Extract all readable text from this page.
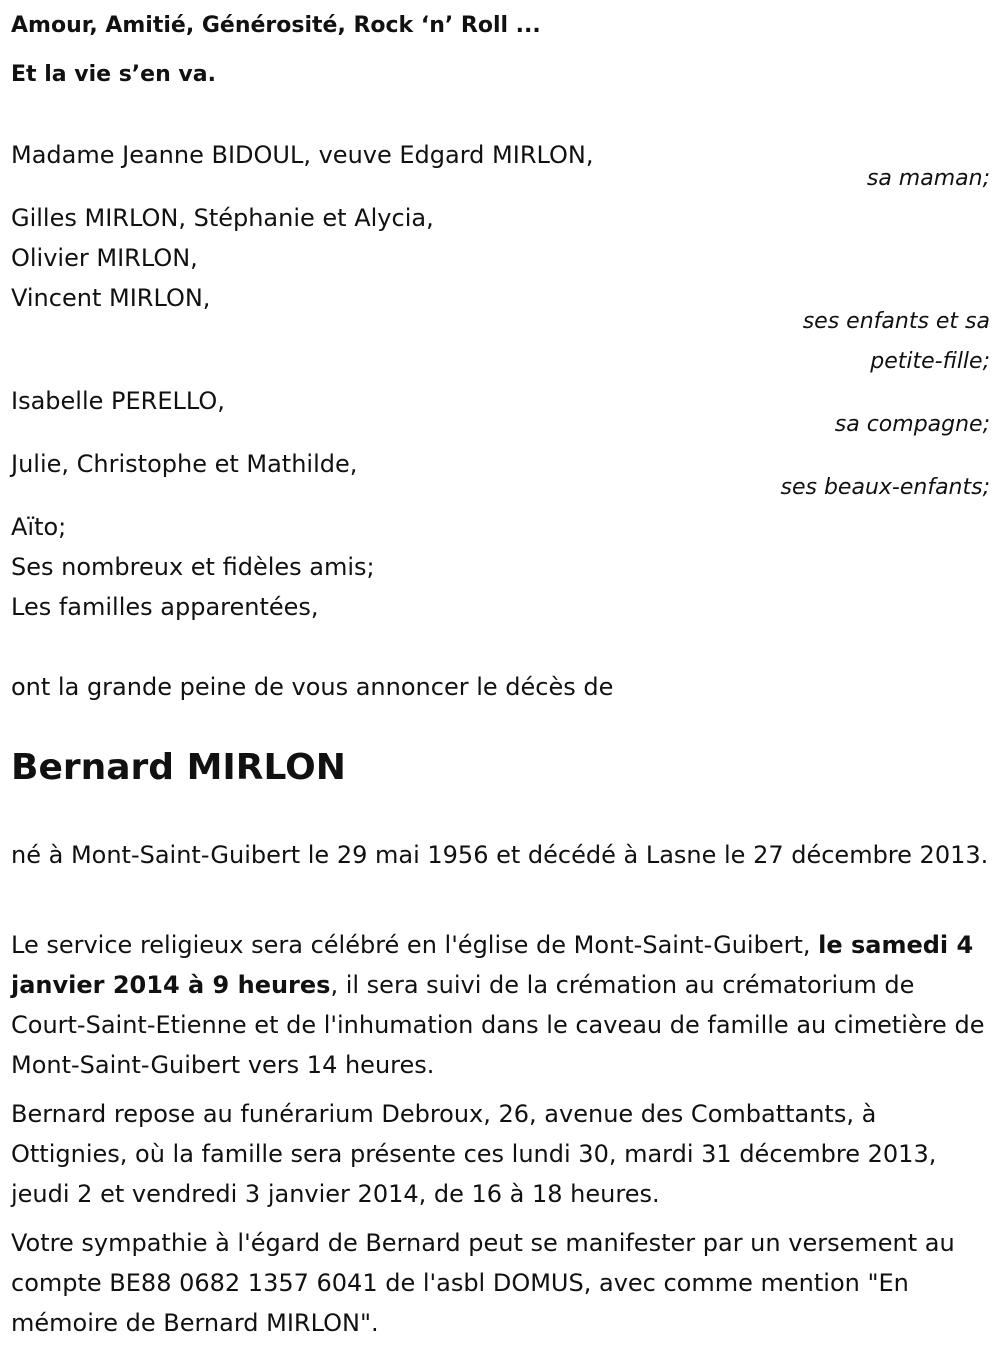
Amour, Amitié, Générosité, Rock ‘n’ Roll ...
Et la vie s’en va.
Madame Jeanne BIDOUL, veuve Edgard MIRLON,
sa maman;
Gilles MIRLON, Stéphanie et Alycia,
Olivier MIRLON,
Vincent MIRLON,
ses enfants et sa
petite-fille;
Isabelle PERELLO,
sa compagne;
Julie, Christophe et Mathilde,
ses beaux-enfants;
Aïto;
Ses nombreux et fidèles amis;
Les familles apparentées,
ont la grande peine de vous annoncer le décès de
Bernard MIRLON
né à Mont-Saint-Guibert le 29 mai 1956 et décédé à Lasne le 27 décembre 2013.
Le service religieux sera célébré en l'église de Mont-Saint-Guibert, le samedi 4 janvier 2014 à 9 heures, il sera suivi de la crémation au crématorium de Court-Saint-Etienne et de l'inhumation dans le caveau de famille au cimetière de Mont-Saint-Guibert vers 14 heures.
Bernard repose au funérarium Debroux, 26, avenue des Combattants, à Ottignies, où la famille sera présente ces lundi 30, mardi 31 décembre 2013, jeudi 2 et vendredi 3 janvier 2014, de 16 à 18 heures.
Votre sympathie à l'égard de Bernard peut se manifester par un versement au compte BE88 0682 1357 6041 de l'asbl DOMUS, avec comme mention "En mémoire de Bernard MIRLON".
